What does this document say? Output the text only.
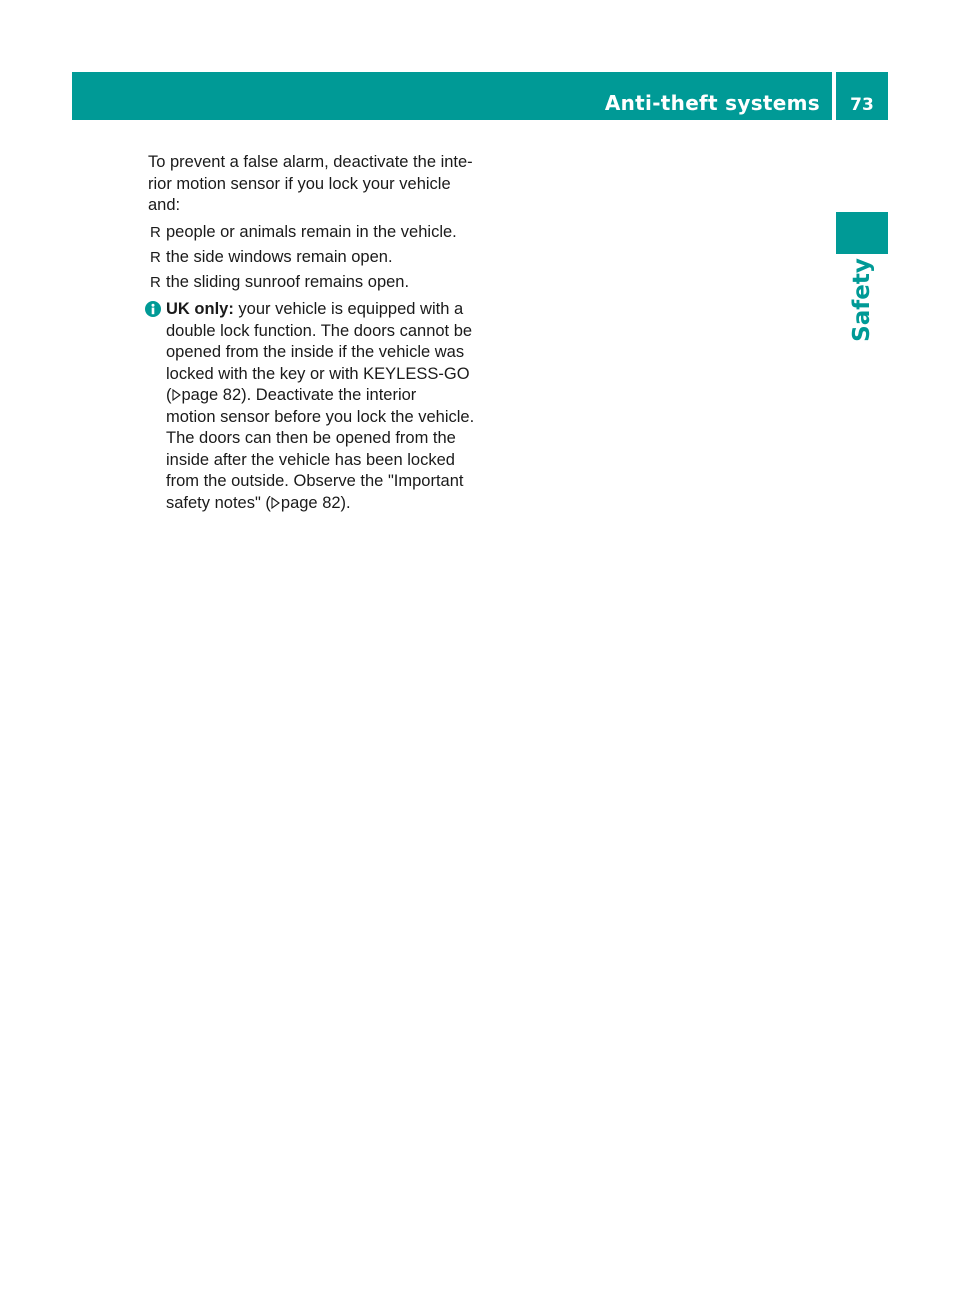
Anti-theft systems	73
Safety

To prevent a false alarm, deactivate the inte-
rior motion sensor if you lock your vehicle
and:

R people or animals remain in the vehicle.
R the side windows remain open.
R the sliding sunroof remains open.
UK only: your vehicle is equipped with a
double lock function. The doors cannot be
opened from the inside if the vehicle was
locked with the key or with KEYLESS-GO
( page 82). Deactivate the interior
motion sensor before you lock the vehicle.
The doors can then be opened from the
inside after the vehicle has been locked
from the outside. Observe the "Important
safety notes" ( page 82).
